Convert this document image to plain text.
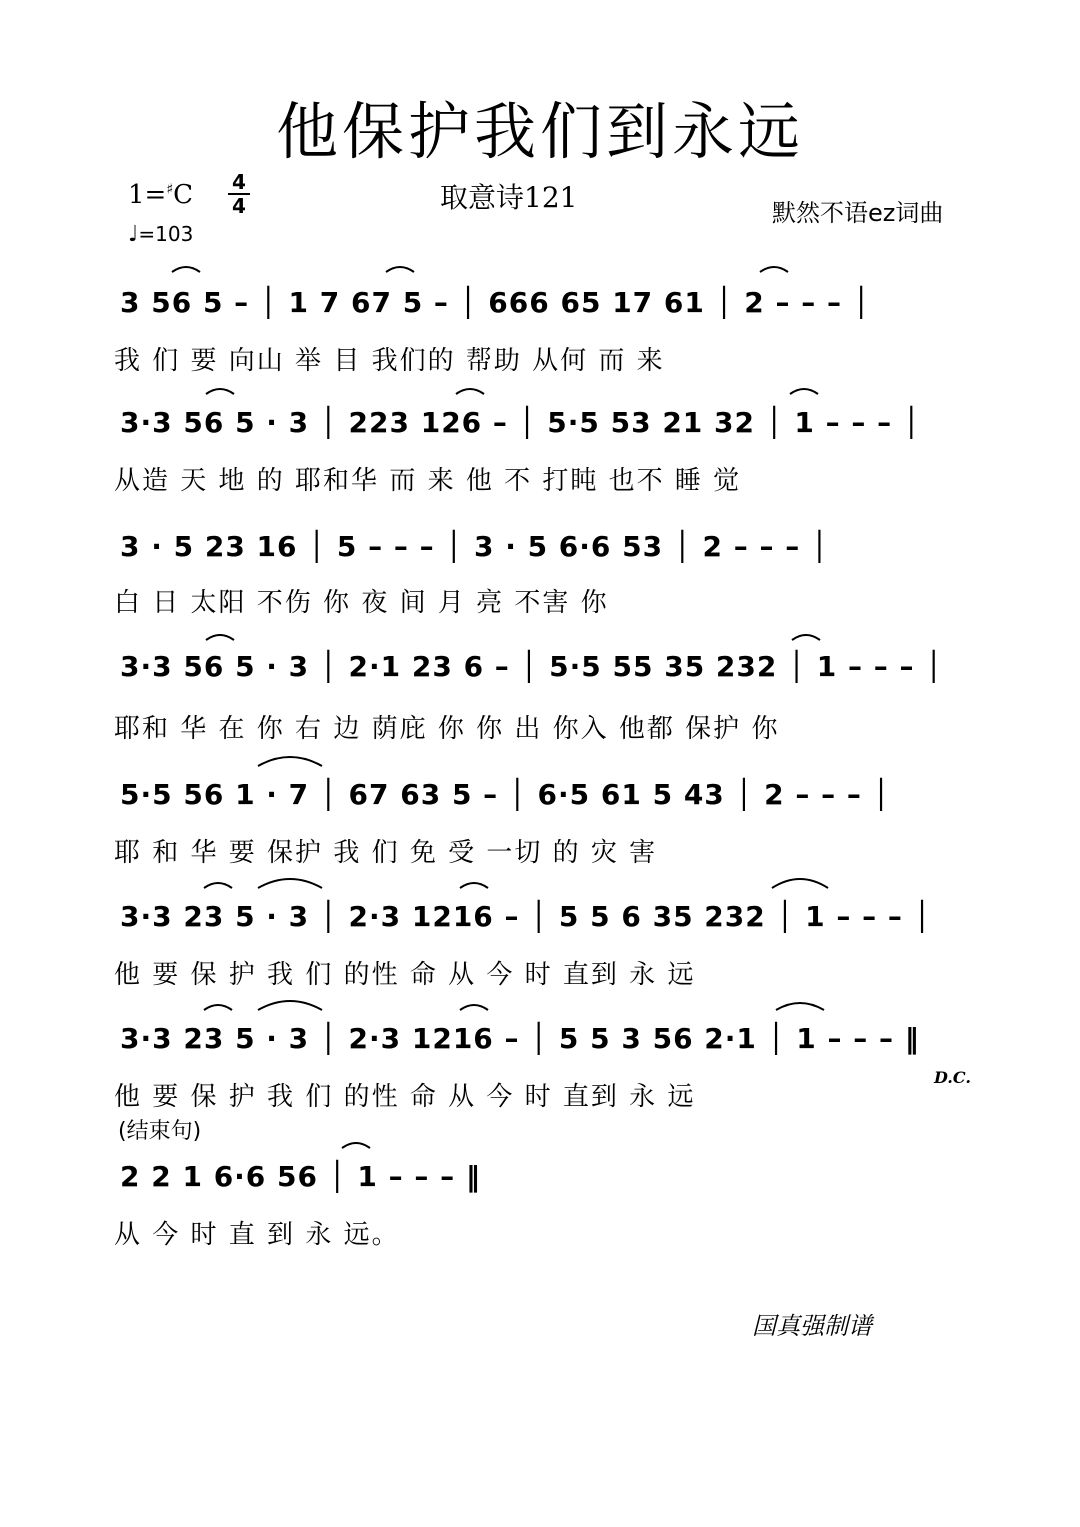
他保护我们到永远
1=♯C 4
4
♩=103
取意诗121	默然不语ez词曲
3 56 5 – │ 1 7 67 5 – │ 666 65 17 61 │ 2 – – – │
我 们 要 向山 举 目 我们的 帮助 从何 而 来
3·3 56 5 · 3 │ 223 126 – │ 5·5 53 21 32 │ 1 – – – │
从造 天 地 的 耶和华 而 来 他 不 打盹 也不 睡 觉
3 · 5 23 16 │ 5 – – – │ 3 · 5 6·6 53 │ 2 – – – │
白 日 太阳 不伤 你 夜 间 月 亮 不害 你
3·3 56 5 · 3 │ 2·1 23 6 – │ 5·5 55 35 232 │ 1 – – – │
耶和 华 在 你 右 边 荫庇 你 你 出 你入 他都 保护 你
5·5 56 1 · 7 │ 67 63 5 – │ 6·5 61 5 43 │ 2 – – – │
耶 和 华 要 保护 我 们 免 受 一切 的 灾 害
3·3 23 5 · 3 │ 2·3 1216 – │ 5 5 6 35 232 │ 1 – – – │
他 要 保 护 我 们 的性 命 从 今 时 直到 永 远
3·3 23 5 · 3 │ 2·3 1216 – │ 5 5 3 56 2·1 │ 1 – – – ‖
他 要 保 护 我 们 的性 命 从 今 时 直到 永 远
D.C.
(结束句)
2 2 1 6·6 56 │ 1 – – – ‖
从 今 时 直 到 永 远。
国真强制谱
